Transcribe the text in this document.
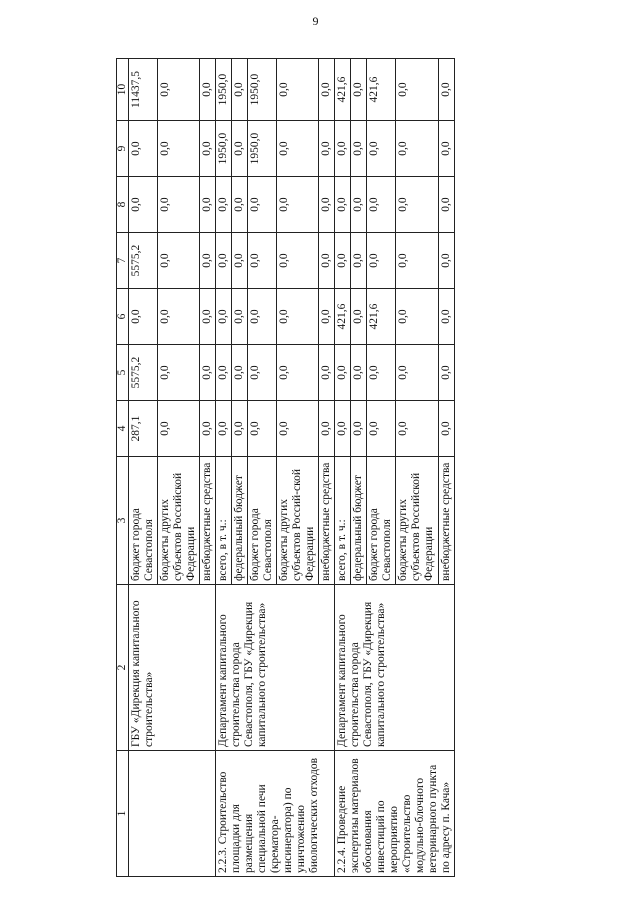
9
1	2	3	4	5	6	7	8	9	10
	ГБУ «Дирекция капитального строительства»	бюджет города Севастополя	287,1	5575,2	0,0	5575,2	0,0	0,0	11437,5
		бюджеты других субъектов Российской Федерации	0,0	0,0	0,0	0,0	0,0	0,0	0,0
		внебюджетные средства	0,0	0,0	0,0	0,0	0,0	0,0	0,0
2.2.3. Строительство площадки для размещения специальной печи (крематора-инсинератора) по уничтожению биологических отходов	Департамент капитального строительства города Севастополя, ГБУ «Дирекция капитального строительства»	всего, в т. ч.:	0,0	0,0	0,0	0,0	0,0	1950,0	1950,0
		федеральный бюджет	0,0	0,0	0,0	0,0	0,0	0,0	0,0
		бюджет города Севастополя	0,0	0,0	0,0	0,0	0,0	1950,0	1950,0
		бюджеты других субъектов Россий-ской Федерации	0,0	0,0	0,0	0,0	0,0	0,0	0,0
		внебюджетные средства	0,0	0,0	0,0	0,0	0,0	0,0	0,0
2.2.4. Проведение экспертизы материалов обоснования инвестиций по мероприятию «Строительство модульно-блочного ветеринарного пункта по адресу п. Кача»	Департамент капитального строительства города Севастополя, ГБУ «Дирекция капитального строительства»	всего, в т. ч.:	0,0	0,0	421,6	0,0	0,0	0,0	421,6
		федеральный бюджет	0,0	0,0	0,0	0,0	0,0	0,0	0,0
		бюджет города Севастополя	0,0	0,0	421,6	0,0	0,0	0,0	421,6
		бюджеты других субъектов Российской Федерации	0,0	0,0	0,0	0,0	0,0	0,0	0,0
		внебюджетные средства	0,0	0,0	0,0	0,0	0,0	0,0	0,0
